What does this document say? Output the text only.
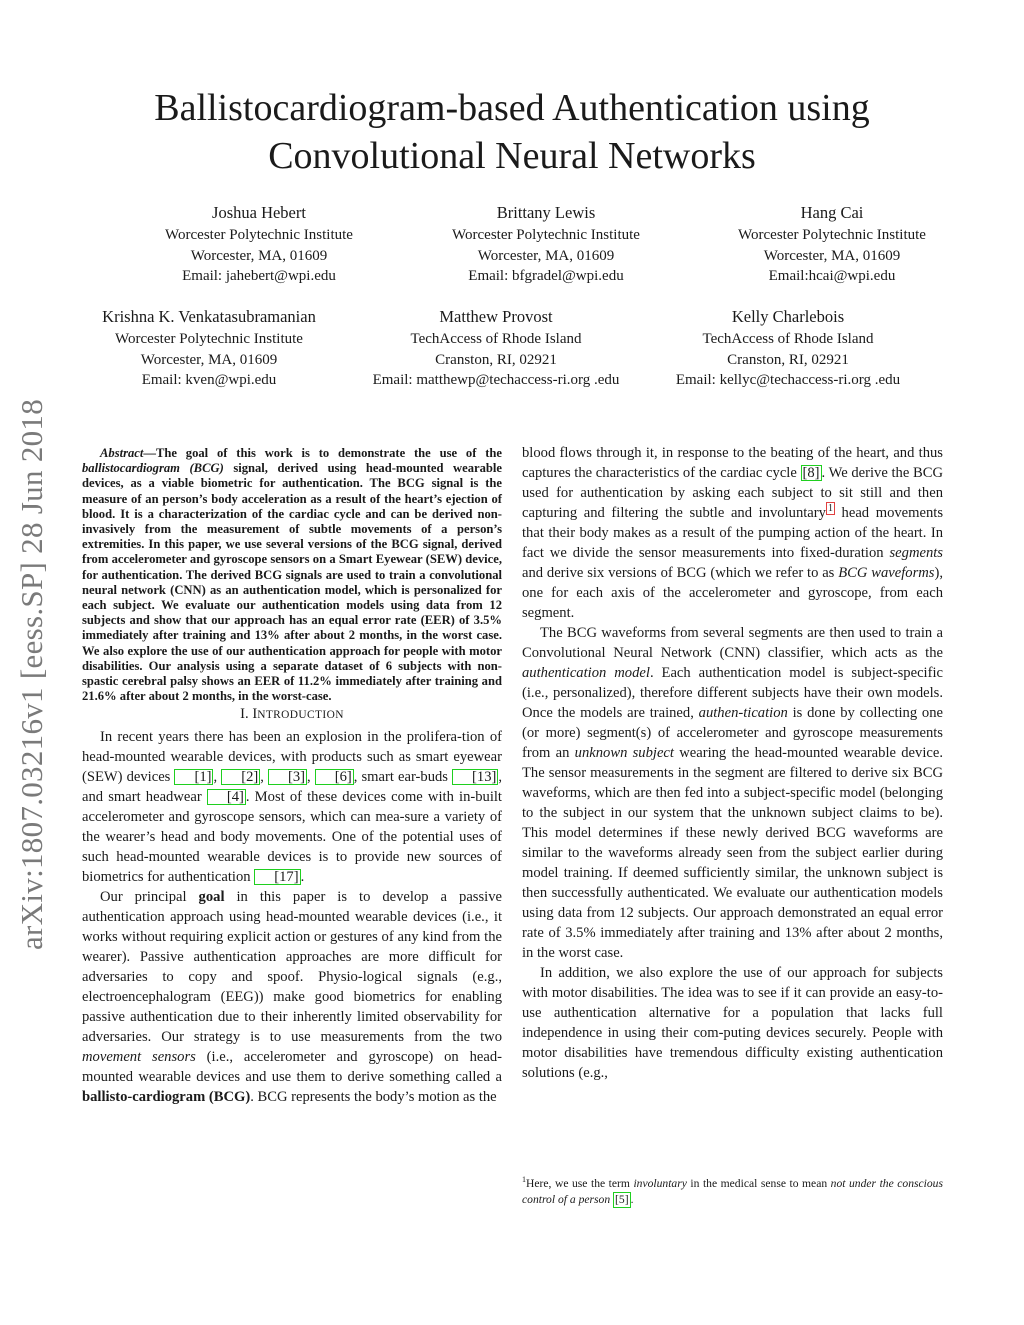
arXiv:1807.03216v1 [eess.SP] 28 Jun 2018
Ballistocardiogram-based Authentication using
Convolutional Neural Networks
Joshua Hebert
Worcester Polytechnic Institute
Worcester, MA, 01609
Email: jahebert@wpi.edu
Brittany Lewis
Worcester Polytechnic Institute
Worcester, MA, 01609
Email: bfgradel@wpi.edu
Hang Cai
Worcester Polytechnic Institute
Worcester, MA, 01609
Email:hcai@wpi.edu
Krishna K. Venkatasubramanian
Worcester Polytechnic Institute
Worcester, MA, 01609
Email: kven@wpi.edu
Matthew Provost
TechAccess of Rhode Island
Cranston, RI, 02921
Email: matthewp@techaccess-ri.org .edu
Kelly Charlebois
TechAccess of Rhode Island
Cranston, RI, 02921
Email: kellyc@techaccess-ri.org .edu

Abstract—The goal of this work is to demonstrate the use of the ballistocardiogram (BCG) signal, derived using head-mounted wearable devices, as a viable biometric for authentication. The BCG signal is the measure of an person’s body acceleration as a result of the heart’s ejection of blood. It is a characterization of the cardiac cycle and can be derived non-invasively from the measurement of subtle movements of a person’s extremities. In this paper, we use several versions of the BCG signal, derived from accelerometer and gyroscope sensors on a Smart Eyewear (SEW) device, for authentication. The derived BCG signals are used to train a convolutional neural network (CNN) as an authentication model, which is personalized for each subject. We evaluate our authentication models using data from 12 subjects and show that our approach has an equal error rate (EER) of 3.5% immediately after training and 13% after about 2 months, in the worst case. We also explore the use of our authentication approach for people with motor disabilities. Our analysis using a separate dataset of 6 subjects with non-spastic cerebral palsy shows an EER of 11.2% immediately after training and 21.6% after about 2 months, in the worst-case.

I. INTRODUCTION

In recent years there has been an explosion in the prolifera-tion of head-mounted wearable devices, with products such as smart eyewear (SEW) devices [1] , [2] , [3] , [6] , smart ear-buds [13] , and smart headwear [4] . Most of these devices come with in-built accelerometer and gyroscope sensors, which can mea-sure a variety of the wearer’s head and body movements. One of the potential uses of such head-mounted wearable devices is to provide new sources of biometrics for authentication [17] .

Our principal goal in this paper is to develop a passive authentication approach using head-mounted wearable devices (i.e., it works without requiring explicit action or gestures of any kind from the wearer). Passive authentication approaches are more difficult for adversaries to copy and spoof. Physio-logical signals (e.g., electroencephalogram (EEG)) make good biometrics for enabling passive authentication due to their inherently limited observability for adversaries. Our strategy is to use measurements from the two movement sensors (i.e., accelerometer and gyroscope) on head-mounted wearable devices and use them to derive something called a ballisto-cardiogram (BCG). BCG represents the body’s motion as the

blood flows through it, in response to the beating of the heart, and thus captures the characteristics of the cardiac cycle [8] . We derive the BCG used for authentication by asking each subject to sit still and then capturing and filtering the subtle and involuntary $^1$ head movements that their body makes as a result of the pumping action of the heart. In fact we divide the sensor measurements into fixed-duration segments and derive six versions of BCG (which we refer to as BCG waveforms), one for each axis of the accelerometer and gyroscope, from each segment.

The BCG waveforms from several segments are then used to train a Convolutional Neural Network (CNN) classifier, which acts as the authentication model. Each authentication model is subject-specific (i.e., personalized), therefore different subjects have their own models. Once the models are trained, authen-tication is done by collecting one (or more) segment(s) of accelerometer and gyroscope measurements from an unknown subject wearing the head-mounted wearable device. The sensor measurements in the segment are filtered to derive six BCG waveforms, which are then fed into a subject-specific model (belonging to the subject in our system that the unknown subject claims to be). This model determines if these newly derived BCG waveforms are similar to the waveforms already seen from the subject earlier during model training. If deemed sufficiently similar, the unknown subject is then successfully authenticated. We evaluate our authentication models using data from 12 subjects. Our approach demonstrated an equal error rate of 3.5% immediately after training and 13% after about 2 months, in the worst case.

In addition, we also explore the use of our approach for subjects with motor disabilities. The idea was to see if it can provide an easy-to-use authentication alternative for a population that lacks full independence in using their com-puting devices securely. People with motor disabilities have tremendous difficulty existing authentication solutions (e.g.,

$^1$Here, we use the term involuntary in the medical sense to mean not under the conscious control of a person [5] .
